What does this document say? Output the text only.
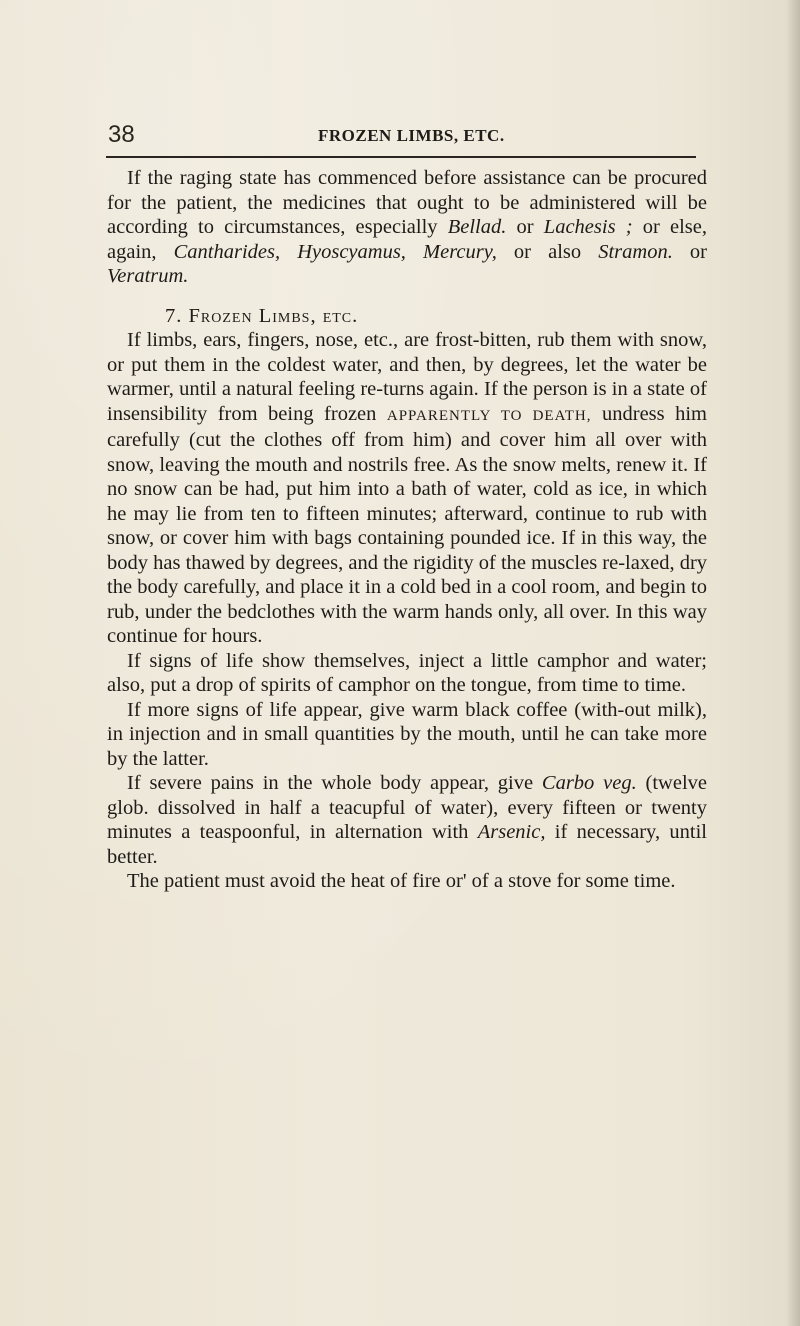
38	FROZEN LIMBS, ETC.

If the raging state has commenced before assistance can be procured for the patient, the medicines that ought to be administered will be according to circumstances, especially Bellad. or Lachesis ; or else, again, Cantharides, Hyoscyamus, Mercury, or also Stramon. or Veratrum.

7. Frozen Limbs, etc.

If limbs, ears, fingers, nose, etc., are frost-bitten, rub them with snow, or put them in the coldest water, and then, by degrees, let the water be warmer, until a natural feeling re-turns again. If the person is in a state of insensibility from being frozen APPARENTLY TO DEATH, undress him carefully (cut the clothes off from him) and cover him all over with snow, leaving the mouth and nostrils free. As the snow melts, renew it. If no snow can be had, put him into a bath of water, cold as ice, in which he may lie from ten to fifteen minutes; afterward, continue to rub with snow, or cover him with bags containing pounded ice. If in this way, the body has thawed by degrees, and the rigidity of the muscles re-laxed, dry the body carefully, and place it in a cold bed in a cool room, and begin to rub, under the bedclothes with the warm hands only, all over. In this way continue for hours.

If signs of life show themselves, inject a little camphor and water; also, put a drop of spirits of camphor on the tongue, from time to time.

If more signs of life appear, give warm black coffee (with-out milk), in injection and in small quantities by the mouth, until he can take more by the latter.

If severe pains in the whole body appear, give Carbo veg. (twelve glob. dissolved in half a teacupful of water), every fifteen or twenty minutes a teaspoonful, in alternation with Arsenic, if necessary, until better.

The patient must avoid the heat of fire or' of a stove for some time.
